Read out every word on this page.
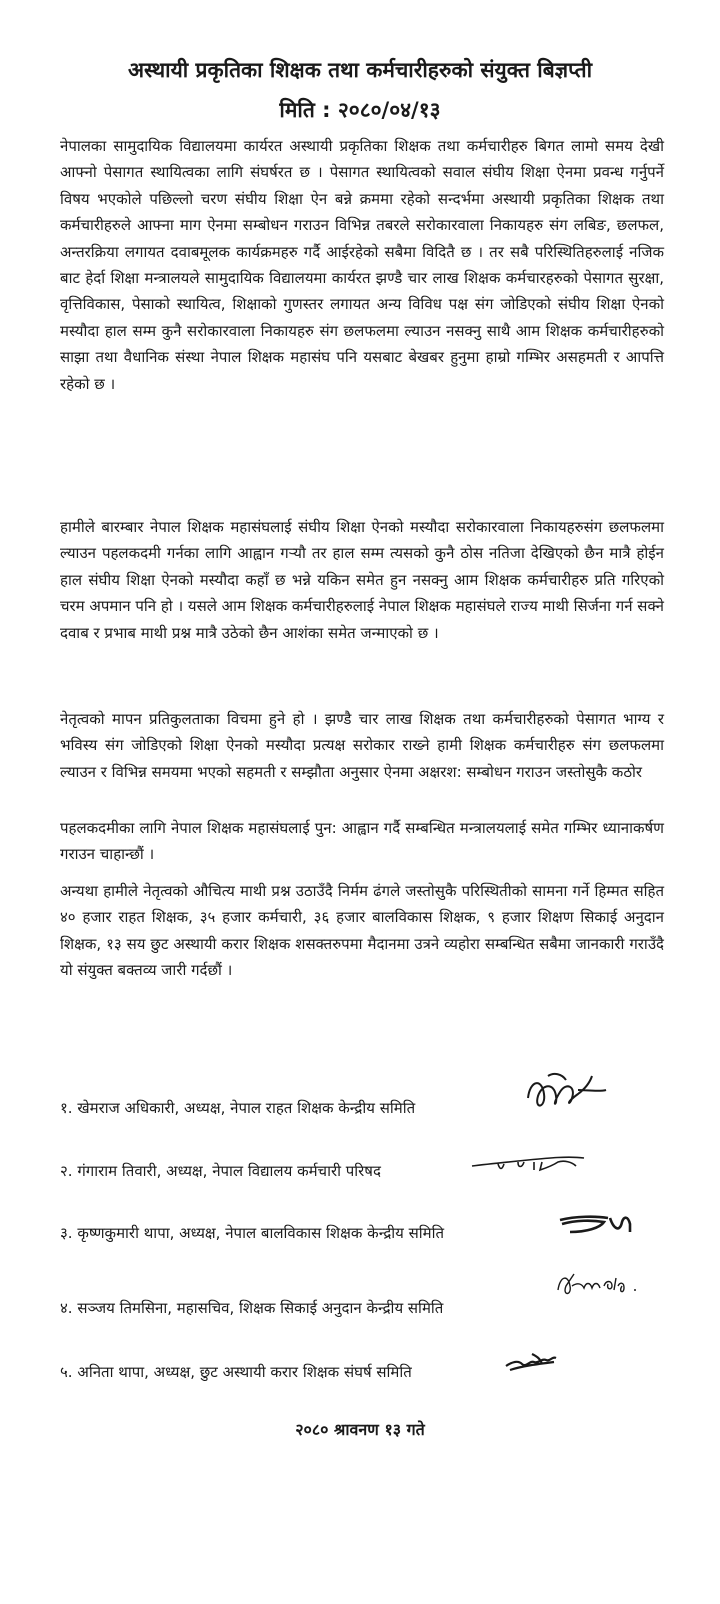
अस्थायी प्रकृतिका शिक्षक तथा कर्मचारीहरुको संयुक्त बिज्ञप्ती
मिति : २०८०/०४/१३

नेपालका सामुदायिक विद्यालयमा कार्यरत अस्थायी प्रकृतिका शिक्षक तथा कर्मचारीहरु बिगत लामो समय देखी आफ्नो पेसागत स्थायित्वका लागि संघर्षरत छ । पेसागत स्थायित्वको सवाल संघीय शिक्षा ऐनमा प्रवन्ध गर्नुपर्ने विषय भएकोले पछिल्लो चरण संघीय शिक्षा ऐन बन्ने क्रममा रहेको सन्दर्भमा अस्थायी प्रकृतिका शिक्षक तथा कर्मचारीहरुले आफ्ना माग ऐनमा सम्बोधन गराउन विभिन्न तबरले सरोकारवाला निकायहरु संग लबिङ, छलफल, अन्तरक्रिया लगायत दवाबमूलक कार्यक्रमहरु गर्दै आईरहेको सबैमा विदितै छ । तर सबै परिस्थितिहरुलाई नजिक बाट हेर्दा शिक्षा मन्त्रालयले सामुदायिक विद्यालयमा कार्यरत झण्डै चार लाख शिक्षक कर्मचारहरुको पेसागत सुरक्षा, वृत्तिविकास, पेसाको स्थायित्व, शिक्षाको गुणस्तर लगायत अन्य विविध पक्ष संग जोडिएको संघीय शिक्षा ऐनको मस्यौदा हाल सम्म कुनै सरोकारवाला निकायहरु संग छलफलमा ल्याउन नसक्नु साथै आम शिक्षक कर्मचारीहरुको साझा तथा वैधानिक संस्था नेपाल शिक्षक महासंघ पनि यसबाट बेखबर हुनुमा हाम्रो गम्भिर असहमती र आपत्ति रहेको छ ।

हामीले बारम्बार नेपाल शिक्षक महासंघलाई संघीय शिक्षा ऐनको मस्यौदा सरोकारवाला निकायहरुसंग छलफलमा ल्याउन पहलकदमी गर्नका लागि आह्वान गर्‍यौ तर हाल सम्म त्यसको कुनै ठोस नतिजा देखिएको छैन मात्रै होईन हाल संघीय शिक्षा ऐनको मस्यौदा कहाँ छ भन्ने यकिन समेत हुन नसक्नु आम शिक्षक कर्मचारीहरु प्रति गरिएको चरम अपमान पनि हो । यसले आम शिक्षक कर्मचारीहरुलाई नेपाल शिक्षक महासंघले राज्य माथी सिर्जना गर्न सक्ने दवाब र प्रभाब माथी प्रश्न मात्रै उठेको छैन आशंका समेत जन्माएको छ ।

नेतृत्वको मापन प्रतिकुलताका विचमा हुने हो । झण्डै चार लाख शिक्षक तथा कर्मचारीहरुको पेसागत भाग्य र भविस्य संग जोडिएको शिक्षा ऐनको मस्यौदा प्रत्यक्ष सरोकार राख्ने हामी शिक्षक कर्मचारीहरु संग छलफलमा ल्याउन र विभिन्न समयमा भएको सहमती र सम्झौता अनुसार ऐनमा अक्षरश: सम्बोधन गराउन जस्तोसुकै कठोर

पहलकदमीका लागि नेपाल शिक्षक महासंघलाई पुन: आह्वान गर्दै सम्बन्धित मन्त्रालयलाई समेत गम्भिर ध्यानाकर्षण गराउन चाहान्छौं ।

अन्यथा हामीले नेतृत्वको औचित्य माथी प्रश्न उठाउँदै निर्मम ढंगले जस्तोसुकै परिस्थितीको सामना गर्ने हिम्मत सहित ४० हजार राहत शिक्षक, ३५ हजार कर्मचारी, ३६ हजार बालविकास शिक्षक, ९ हजार शिक्षण सिकाई अनुदान शिक्षक, १३ सय छुट अस्थायी करार शिक्षक शसक्तरुपमा मैदानमा उत्रने व्यहोरा सम्बन्धित सबैमा जानकारी गराउँदै यो संयुक्त बक्तव्य जारी गर्दछौं ।

१. खेमराज अधिकारी, अध्यक्ष, नेपाल राहत शिक्षक केन्द्रीय समिति
२. गंगाराम तिवारी, अध्यक्ष, नेपाल विद्यालय कर्मचारी परिषद
३. कृष्णकुमारी थापा, अध्यक्ष, नेपाल बालविकास शिक्षक केन्द्रीय समिति
४. सञ्जय तिमसिना, महासचिव, शिक्षक सिकाई अनुदान केन्द्रीय समिति
५. अनिता थापा, अध्यक्ष, छुट अस्थायी करार शिक्षक संघर्ष समिति

२०८० श्रावनण १३ गते
